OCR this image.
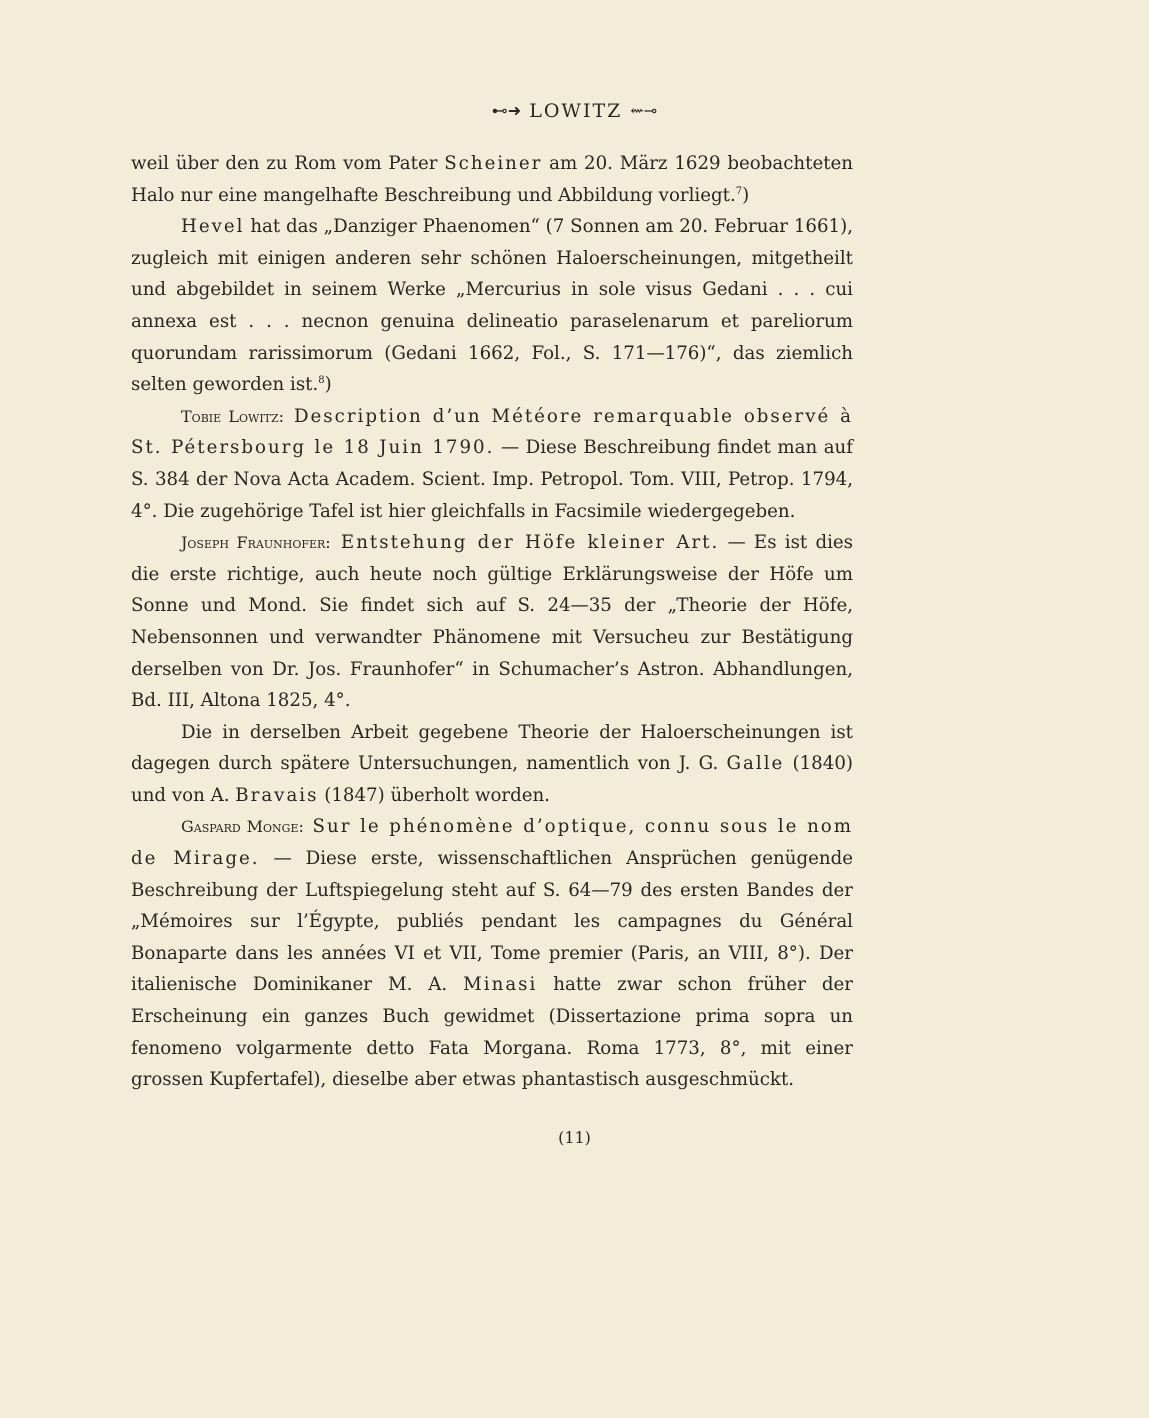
⊷➜ LOWITZ ⇜⊸

weil über den zu Rom vom Pater Scheiner am 20. März 1629 beobachteten Halo nur eine mangelhafte Beschreibung und Abbildung vorliegt.$^7$)

Hevel hat das „Danziger Phaenomen“ (7 Sonnen am 20. Februar 1661), zugleich mit einigen anderen sehr schönen Haloerscheinungen, mitgetheilt und abgebildet in seinem Werke „Mercurius in sole visus Gedani . . . cui annexa est . . . necnon genuina delineatio paraselenarum et pareliorum quorundam rarissimorum (Gedani 1662, Fol., S. 171—176)“, das ziemlich selten geworden ist.$^8$)

Tobie Lowitz: Description d’un Météore remarquable observé à St. Pétersbourg le 18 Juin 1790. — Diese Beschreibung findet man auf S. 384 der Nova Acta Academ. Scient. Imp. Petropol. Tom. VIII, Petrop. 1794, 4°. Die zugehörige Tafel ist hier gleichfalls in Facsimile wiedergegeben.

Joseph Fraunhofer: Entstehung der Höfe kleiner Art. — Es ist dies die erste richtige, auch heute noch gültige Erklärungsweise der Höfe um Sonne und Mond. Sie findet sich auf S. 24—35 der „Theorie der Höfe, Nebensonnen und verwandter Phänomene mit Versucheu zur Bestätigung derselben von Dr. Jos. Fraunhofer“ in Schumacher’s Astron. Abhandlungen, Bd. III, Altona 1825, 4°.

Die in derselben Arbeit gegebene Theorie der Haloerscheinungen ist dagegen durch spätere Untersuchungen, namentlich von J. G. Galle (1840) und von A. Bravais (1847) überholt worden.

Gaspard Monge: Sur le phénomène d’optique, connu sous le nom de Mirage. — Diese erste, wissenschaftlichen Ansprüchen genügende Beschreibung der Luftspiegelung steht auf S. 64—79 des ersten Bandes der „Mémoires sur l’Égypte, publiés pendant les campagnes du Général Bonaparte dans les années VI et VII, Tome premier (Paris, an VIII, 8°). Der italienische Dominikaner M. A. Minasi hatte zwar schon früher der Erscheinung ein ganzes Buch gewidmet (Dissertazione prima sopra un fenomeno volgarmente detto Fata Morgana. Roma 1773, 8°, mit einer grossen Kupfertafel), dieselbe aber etwas phantastisch ausgeschmückt.

(11)
